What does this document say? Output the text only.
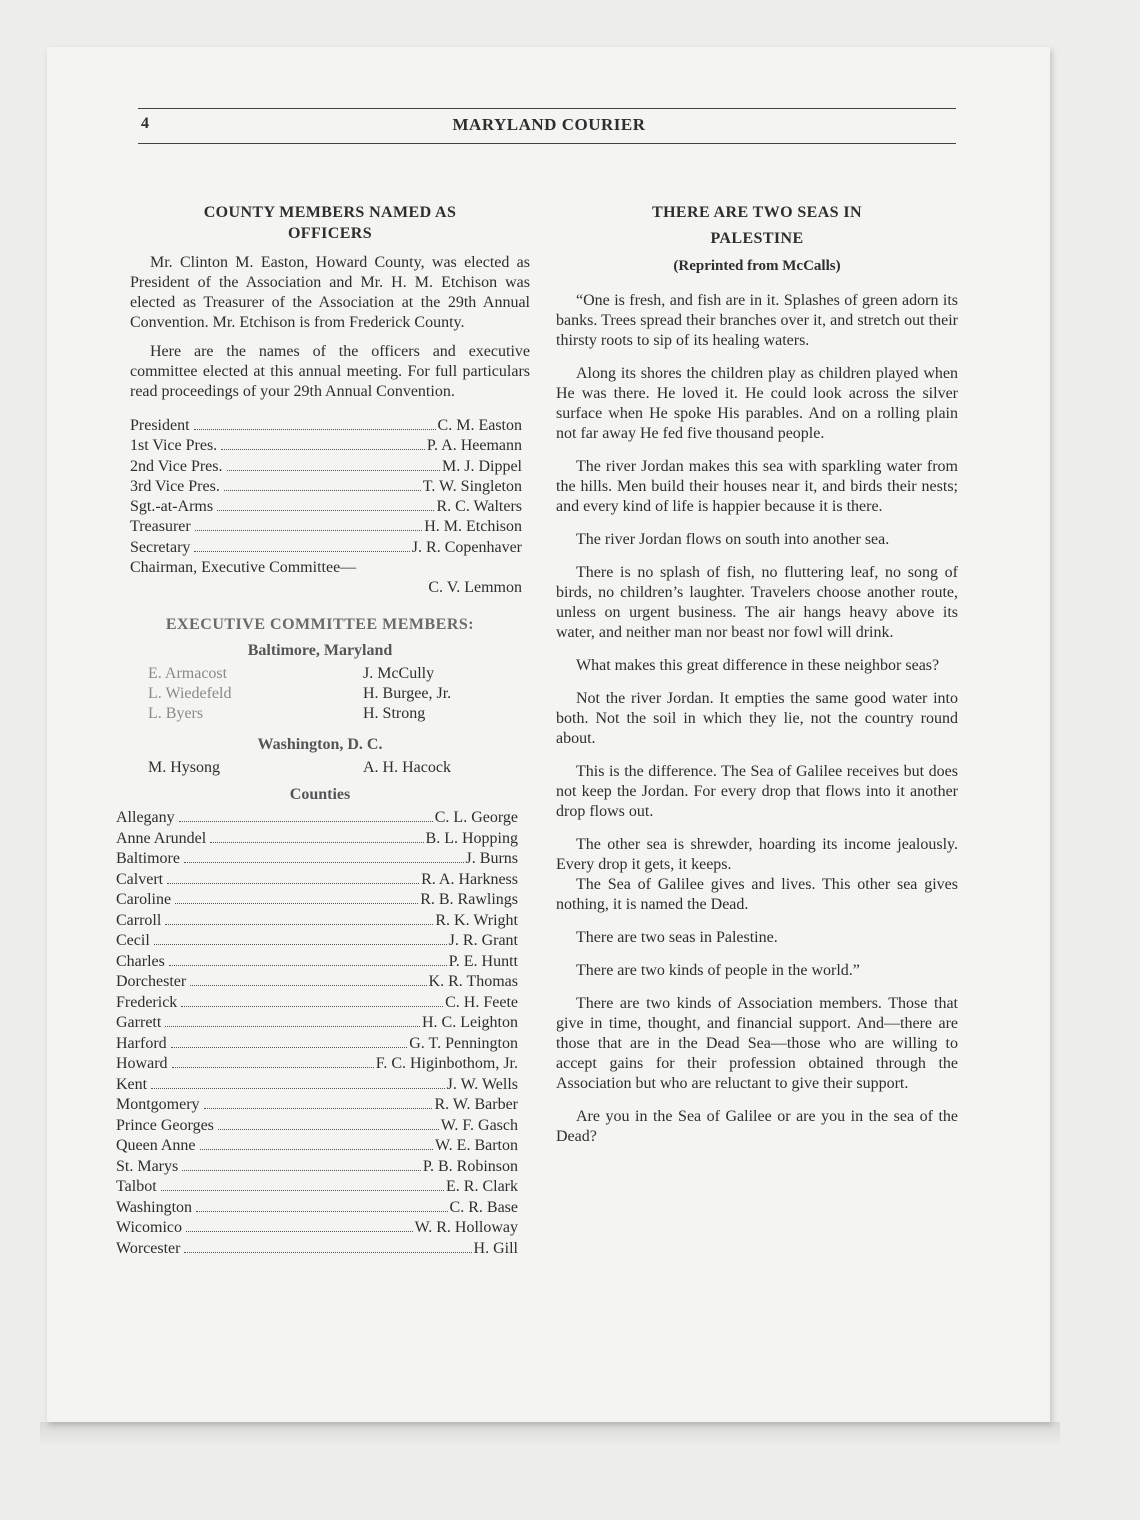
4	MARYLAND COURIER
COUNTY MEMBERS NAMED AS OFFICERS

Mr. Clinton M. Easton, Howard County, was elected as President of the Association and Mr. H. M. Etchison was elected as Treasurer of the Association at the 29th Annual Convention. Mr. Etchison is from Frederick County.

Here are the names of the officers and executive committee elected at this annual meeting. For full particulars read proceedings of your 29th Annual Convention.

President	C. M. Easton
1st Vice Pres.	P. A. Heemann
2nd Vice Pres.	M. J. Dippel
3rd Vice Pres.	T. W. Singleton
Sgt.-at-Arms	R. C. Walters
Treasurer	H. M. Etchison
Secretary	J. R. Copenhaver
Chairman, Executive Committee—
C. V. Lemmon
EXECUTIVE COMMITTEE MEMBERS:
Baltimore, Maryland
E. Armacost	J. McCully
L. Wiedefeld	H. Burgee, Jr.
L. Byers	H. Strong
Washington, D. C.
M. Hysong	A. H. Hacock
Counties
Allegany	C. L. George
Anne Arundel	B. L. Hopping
Baltimore	J. Burns
Calvert	R. A. Harkness
Caroline	R. B. Rawlings
Carroll	R. K. Wright
Cecil	J. R. Grant
Charles	P. E. Huntt
Dorchester	K. R. Thomas
Frederick	C. H. Feete
Garrett	H. C. Leighton
Harford	G. T. Pennington
Howard	F. C. Higinbothom, Jr.
Kent	J. W. Wells
Montgomery	R. W. Barber
Prince Georges	W. F. Gasch
Queen Anne	W. E. Barton
St. Marys	P. B. Robinson
Talbot	E. R. Clark
Washington	C. R. Base
Wicomico	W. R. Holloway
Worcester	H. Gill
THERE ARE TWO SEAS IN
PALESTINE
(Reprinted from McCalls)

“One is fresh, and fish are in it. Splashes of green adorn its banks. Trees spread their branches over it, and stretch out their thirsty roots to sip of its healing waters.

Along its shores the children play as children played when He was there. He loved it. He could look across the silver surface when He spoke His parables. And on a rolling plain not far away He fed five thousand people.

The river Jordan makes this sea with sparkling water from the hills. Men build their houses near it, and birds their nests; and every kind of life is happier because it is there.

The river Jordan flows on south into another sea.

There is no splash of fish, no fluttering leaf, no song of birds, no children’s laughter. Travelers choose another route, unless on urgent business. The air hangs heavy above its water, and neither man nor beast nor fowl will drink.

What makes this great difference in these neighbor seas?

Not the river Jordan. It empties the same good water into both. Not the soil in which they lie, not the country round about.

This is the difference. The Sea of Galilee receives but does not keep the Jordan. For every drop that flows into it another drop flows out.

The other sea is shrewder, hoarding its income jealously. Every drop it gets, it keeps.

The Sea of Galilee gives and lives. This other sea gives nothing, it is named the Dead.

There are two seas in Palestine.

There are two kinds of people in the world.”

There are two kinds of Association members. Those that give in time, thought, and financial support. And—there are those that are in the Dead Sea—those who are willing to accept gains for their profession obtained through the Association but who are reluctant to give their support.

Are you in the Sea of Galilee or are you in the sea of the Dead?
